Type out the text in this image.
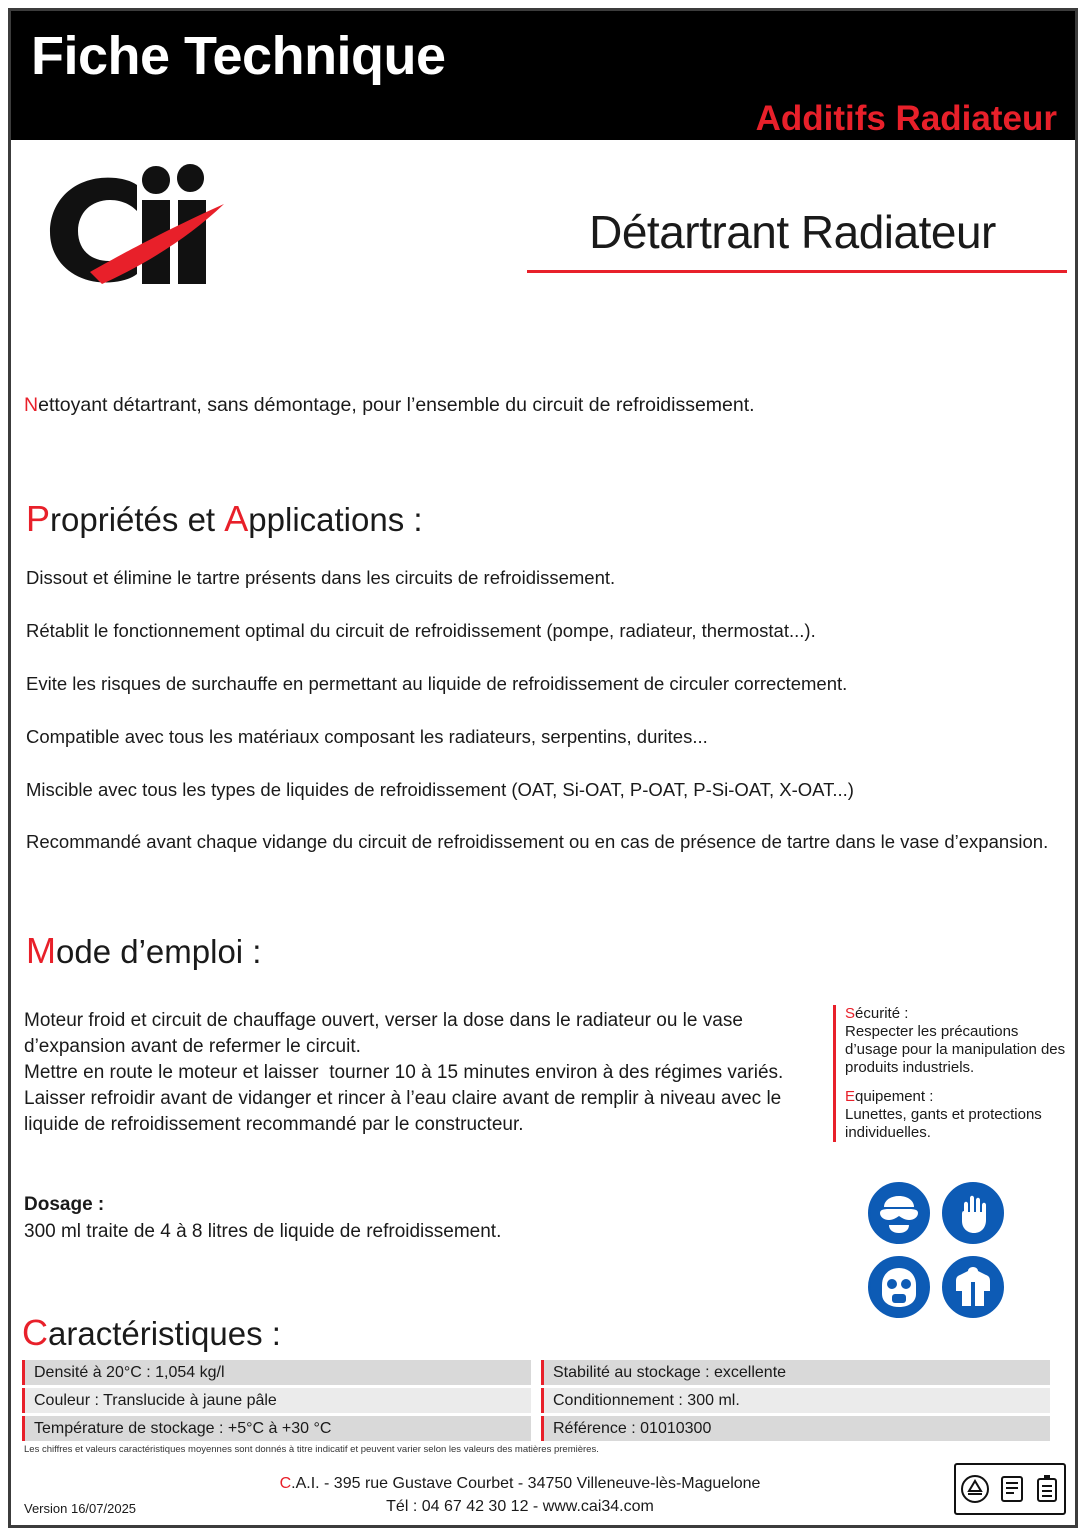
Fiche Technique
Additifs Radiateur
Détartrant Radiateur
Nettoyant détartrant, sans démontage, pour l’ensemble du circuit de refroidissement.
Propriétés et Applications :
Dissout et élimine le tartre présents dans les circuits de refroidissement.
Rétablit le fonctionnement optimal du circuit de refroidissement (pompe, radiateur, thermostat...).
Evite les risques de surchauffe en permettant au liquide de refroidissement de circuler correctement.
Compatible avec tous les matériaux composant les radiateurs, serpentins, durites...
Miscible avec tous les types de liquides de refroidissement (OAT, Si-OAT, P-OAT, P-Si-OAT, X-OAT...)
Recommandé avant chaque vidange du circuit de refroidissement ou en cas de présence de tartre dans le vase d’expansion.
Mode d’emploi :
Moteur froid et circuit de chauffage ouvert, verser la dose dans le radiateur ou le vase d’expansion avant de refermer le circuit.
Mettre en route le moteur et laisser  tourner 10 à 15 minutes environ à des régimes variés.
Laisser refroidir avant de vidanger et rincer à l’eau claire avant de remplir à niveau avec le liquide de refroidissement recommandé par le constructeur.
Dosage :
300 ml traite de 4 à 8 litres de liquide de refroidissement.
Sécurité :
Respecter les précautions d’usage pour la manipulation des produits industriels.
Equipement :
Lunettes, gants et protections individuelles.
Caractéristiques :
Densité à 20°C : 1,054 kg/l	Stabilité au stockage : excellente
Couleur : Translucide à jaune pâle	Conditionnement : 300 ml.
Température de stockage : +5°C à +30 °C	Référence : 01010300
Les chiffres et valeurs caractéristiques moyennes sont donnés à titre indicatif et peuvent varier selon les valeurs des matières premières.
C.A.I. - 395 rue Gustave Courbet - 34750 Villeneuve-lès-Maguelone
Tél : 04 67 42 30 12 - www.cai34.com
Version 16/07/2025
